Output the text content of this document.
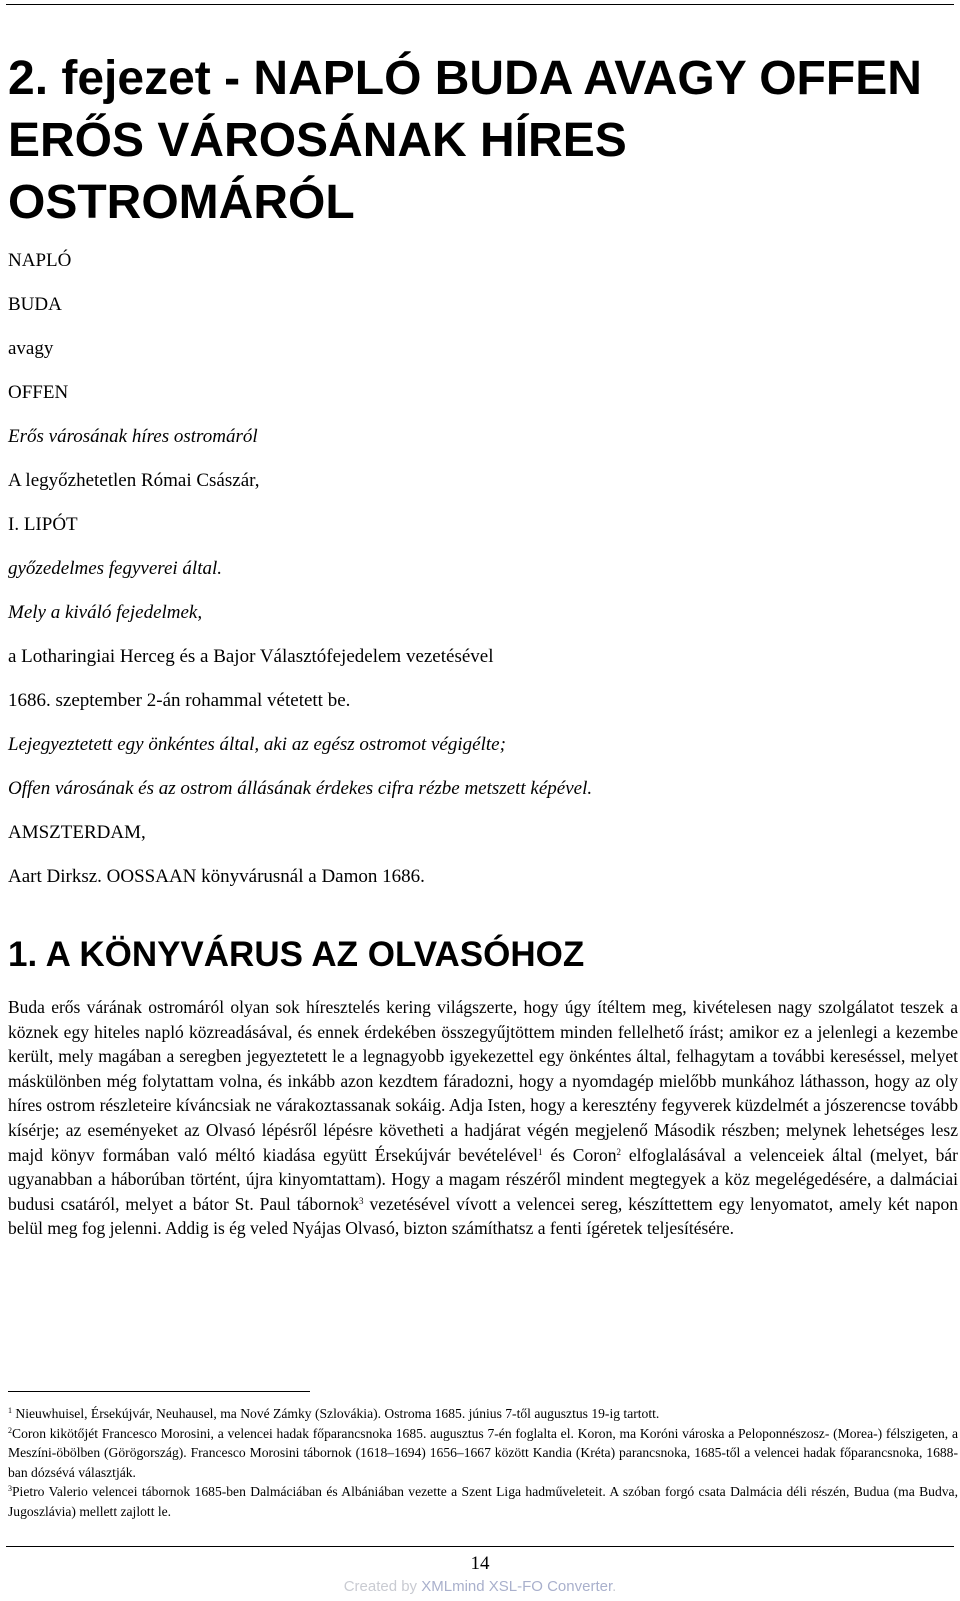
2. fejezet - NAPLÓ BUDA AVAGY OFFEN ERŐS VÁROSÁNAK HÍRES OSTROMÁRÓL
NAPLÓ
BUDA
avagy
OFFEN
Erős városának híres ostromáról
A legyőzhetetlen Római Császár,
I. LIPÓT
győzedelmes fegyverei által.
Mely a kiváló fejedelmek,
a Lotharingiai Herceg és a Bajor Választófejedelem vezetésével
1686. szeptember 2-án rohammal vétetett be.
Lejegyeztetett egy önkéntes által, aki az egész ostromot végigélte;
Offen városának és az ostrom állásának érdekes cifra rézbe metszett képével.
AMSZTERDAM,
Aart Dirksz. OOSSAAN könyvárusnál a Damon 1686.
1. A KÖNYVÁRUS AZ OLVASÓHOZ

Buda erős várának ostromáról olyan sok híresztelés kering világszerte, hogy úgy ítéltem meg, kivételesen nagy szolgálatot teszek a köznek egy hiteles napló közreadásával, és ennek érdekében összegyűjtöttem minden fellelhető írást; amikor ez a jelenlegi a kezembe került, mely magában a seregben jegyeztetett le a legnagyobb igyekezettel egy önkéntes által, felhagytam a további kereséssel, melyet máskülönben még folytattam volna, és inkább azon kezdtem fáradozni, hogy a nyomdagép mielőbb munkához láthasson, hogy az oly híres ostrom részleteire kíváncsiak ne várakoztassanak sokáig. Adja Isten, hogy a keresztény fegyverek küzdelmét a jószerencse tovább kísérje; az eseményeket az Olvasó lépésről lépésre követheti a hadjárat végén megjelenő Második részben; melynek lehetséges lesz majd könyv formában való méltó kiadása együtt Érsekújvár bevételével$^1$ és Coron$^2$ elfoglalásával a velenceiek által (melyet, bár ugyanabban a háborúban történt, újra kinyomtattam). Hogy a magam részéről mindent megtegyek a köz megelégedésére, a dalmáciai budusi csatáról, melyet a bátor St. Paul tábornok$^3$ vezetésével vívott a velencei sereg, készíttettem egy lenyomatot, amely két napon belül meg fog jelenni. Addig is ég veled Nyájas Olvasó, bizton számíthatsz a fenti ígéretek teljesítésére.

$^1$ Nieuwhuisel, Érsekújvár, Neuhausel, ma Nové Zámky (Szlovákia). Ostroma 1685. június 7-től augusztus 19-ig tartott.

$^2$Coron kikötőjét Francesco Morosini, a velencei hadak főparancsnoka 1685. augusztus 7-én foglalta el. Koron, ma Koróni városka a Peloponnészosz- (Morea-) félszigeten, a Meszíni-öbölben (Görögország). Francesco Morosini tábornok (1618–1694) 1656–1667 között Kandia (Kréta) parancsnoka, 1685-től a velencei hadak főparancsnoka, 1688-ban dózsévá választják.

$^3$Pietro Valerio velencei tábornok 1685-ben Dalmáciában és Albániában vezette a Szent Liga hadműveleteit. A szóban forgó csata Dalmácia déli részén, Budua (ma Budva, Jugoszlávia) mellett zajlott le.

14
Created by XMLmind XSL-FO Converter.
